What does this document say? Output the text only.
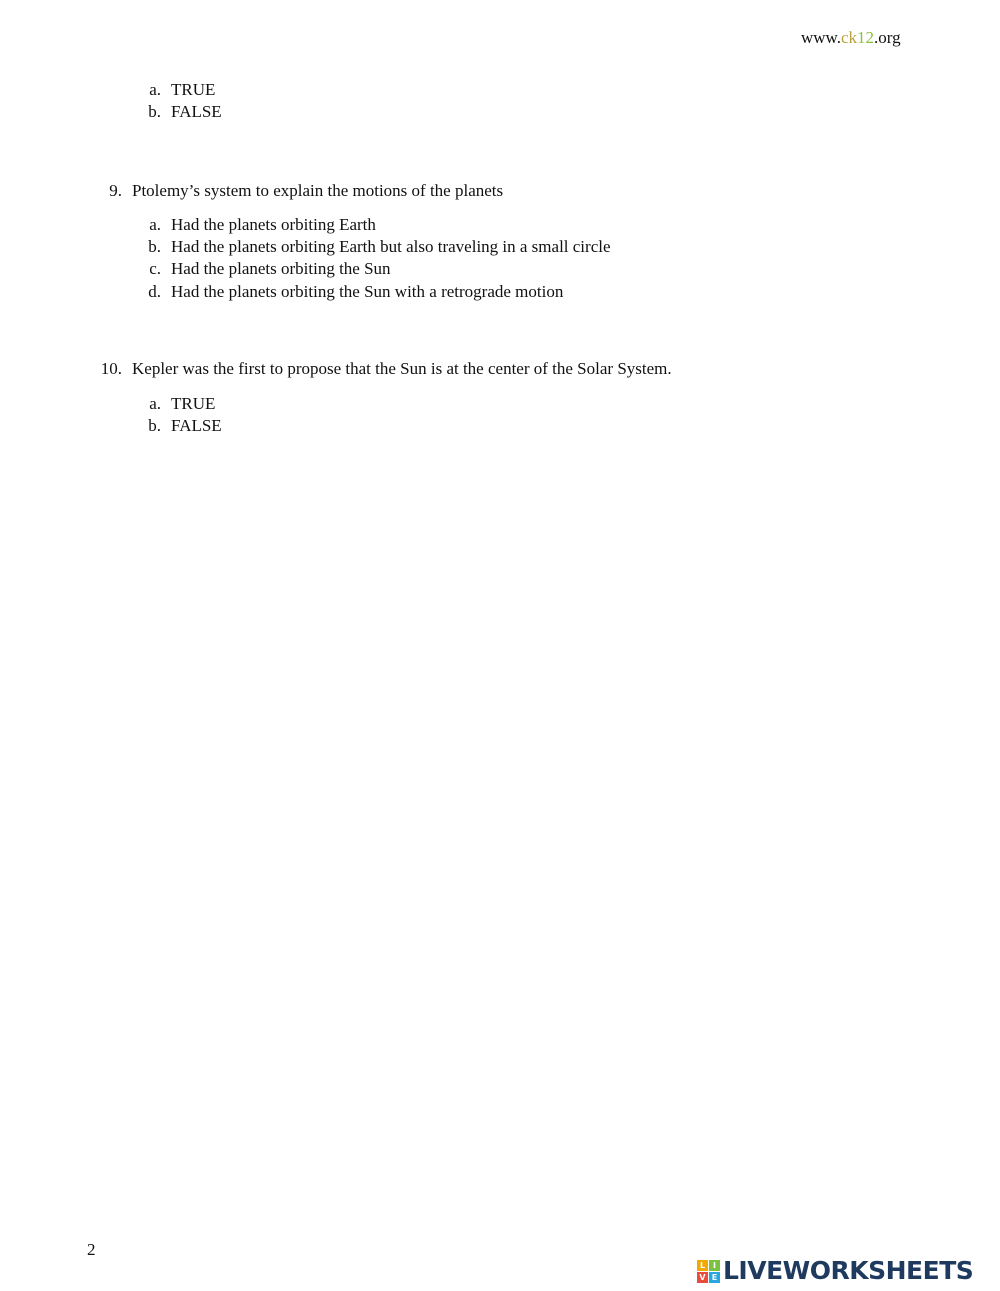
www.ck12.org
a. TRUE
b. FALSE
9. Ptolemy’s system to explain the motions of the planets
a. Had the planets orbiting Earth
b. Had the planets orbiting Earth but also traveling in a small circle
c. Had the planets orbiting the Sun
d. Had the planets orbiting the Sun with a retrograde motion
10. Kepler was the first to propose that the Sun is at the center of the Solar System.
a. TRUE
b. FALSE
2
L I
V E LIVEWORKSHEETS
